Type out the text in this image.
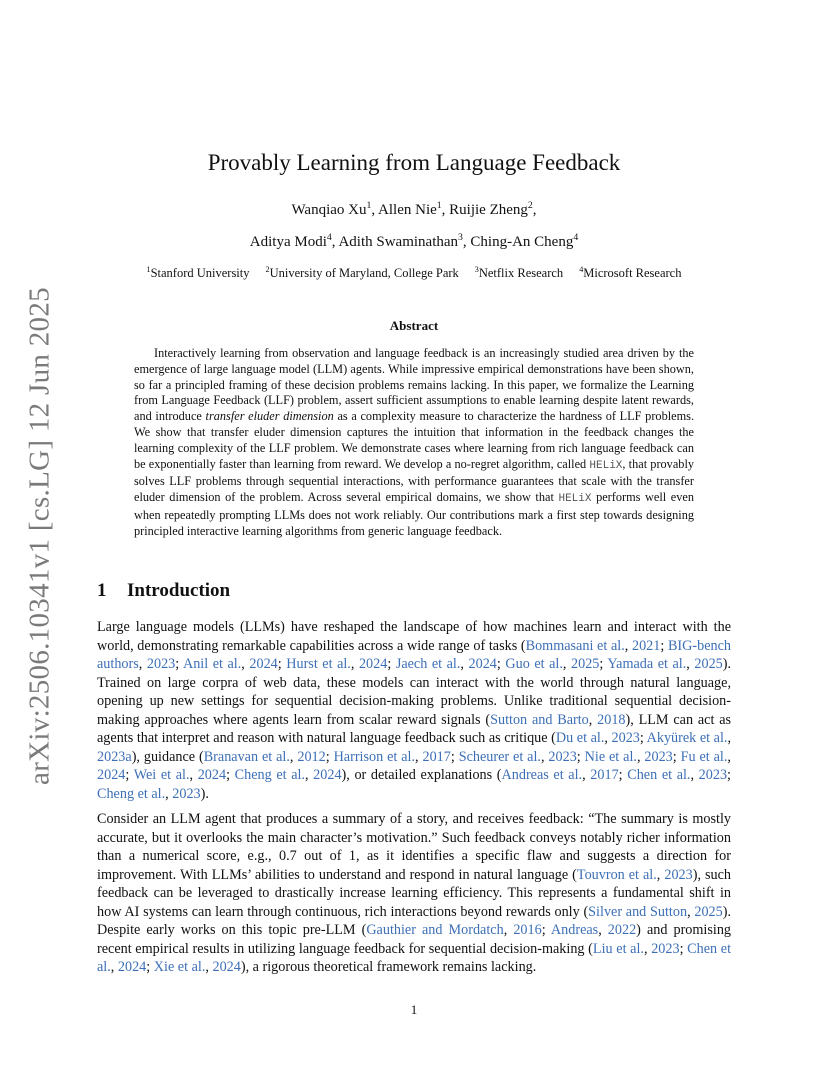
arXiv:2506.10341v1 [cs.LG] 12 Jun 2025
Provably Learning from Language Feedback
Wanqiao Xu$^1$, Allen Nie$^1$, Ruijie Zheng$^2$,
Aditya Modi$^4$, Adith Swaminathan$^3$, Ching-An Cheng$^4$
$^1$Stanford University $^2$University of Maryland, College Park $^3$Netflix Research $^4$Microsoft Research
Abstract

Interactively learning from observation and language feedback is an increasingly studied area driven by the emergence of large language model (LLM) agents. While impressive empirical demonstrations have been shown, so far a principled framing of these decision problems remains lacking. In this paper, we formalize the Learning from Language Feedback (LLF) problem, assert sufficient assumptions to enable learning despite latent rewards, and introduce transfer eluder dimension as a complexity measure to characterize the hardness of LLF problems. We show that transfer eluder dimension captures the intuition that information in the feedback changes the learning complexity of the LLF problem. We demonstrate cases where learning from rich language feedback can be exponentially faster than learning from reward. We develop a no-regret algorithm, called HELiX, that provably solves LLF problems through sequential interactions, with performance guarantees that scale with the transfer eluder dimension of the problem. Across several empirical domains, we show that HELiX performs well even when repeatedly prompting LLMs does not work reliably. Our contributions mark a first step towards designing principled interactive learning algorithms from generic language feedback.

1 Introduction

Large language models (LLMs) have reshaped the landscape of how machines learn and interact with the world, demonstrating remarkable capabilities across a wide range of tasks (Bommasani et al., 2021; BIG-bench authors, 2023; Anil et al., 2024; Hurst et al., 2024; Jaech et al., 2024; Guo et al., 2025; Yamada et al., 2025). Trained on large corpra of web data, these models can interact with the world through natural language, opening up new settings for sequential decision-making problems. Unlike traditional sequential decision-making approaches where agents learn from scalar reward signals (Sutton and Barto, 2018), LLM can act as agents that interpret and reason with natural language feedback such as critique (Du et al., 2023; Akyürek et al., 2023a), guidance (Branavan et al., 2012; Harrison et al., 2017; Scheurer et al., 2023; Nie et al., 2023; Fu et al., 2024; Wei et al., 2024; Cheng et al., 2024), or detailed explanations (Andreas et al., 2017; Chen et al., 2023; Cheng et al., 2023).

Consider an LLM agent that produces a summary of a story, and receives feedback: “The summary is mostly accurate, but it overlooks the main character’s motivation.” Such feedback conveys notably richer information than a numerical score, e.g., 0.7 out of 1, as it identifies a specific flaw and suggests a direction for improvement. With LLMs’ abilities to understand and respond in natural language (Touvron et al., 2023), such feedback can be leveraged to drastically increase learning efficiency. This represents a fundamental shift in how AI systems can learn through continuous, rich interactions beyond rewards only (Silver and Sutton, 2025). Despite early works on this topic pre-LLM (Gauthier and Mordatch, 2016; Andreas, 2022) and promising recent empirical results in utilizing language feedback for sequential decision-making (Liu et al., 2023; Chen et al., 2024; Xie et al., 2024), a rigorous theoretical framework remains lacking.

1
